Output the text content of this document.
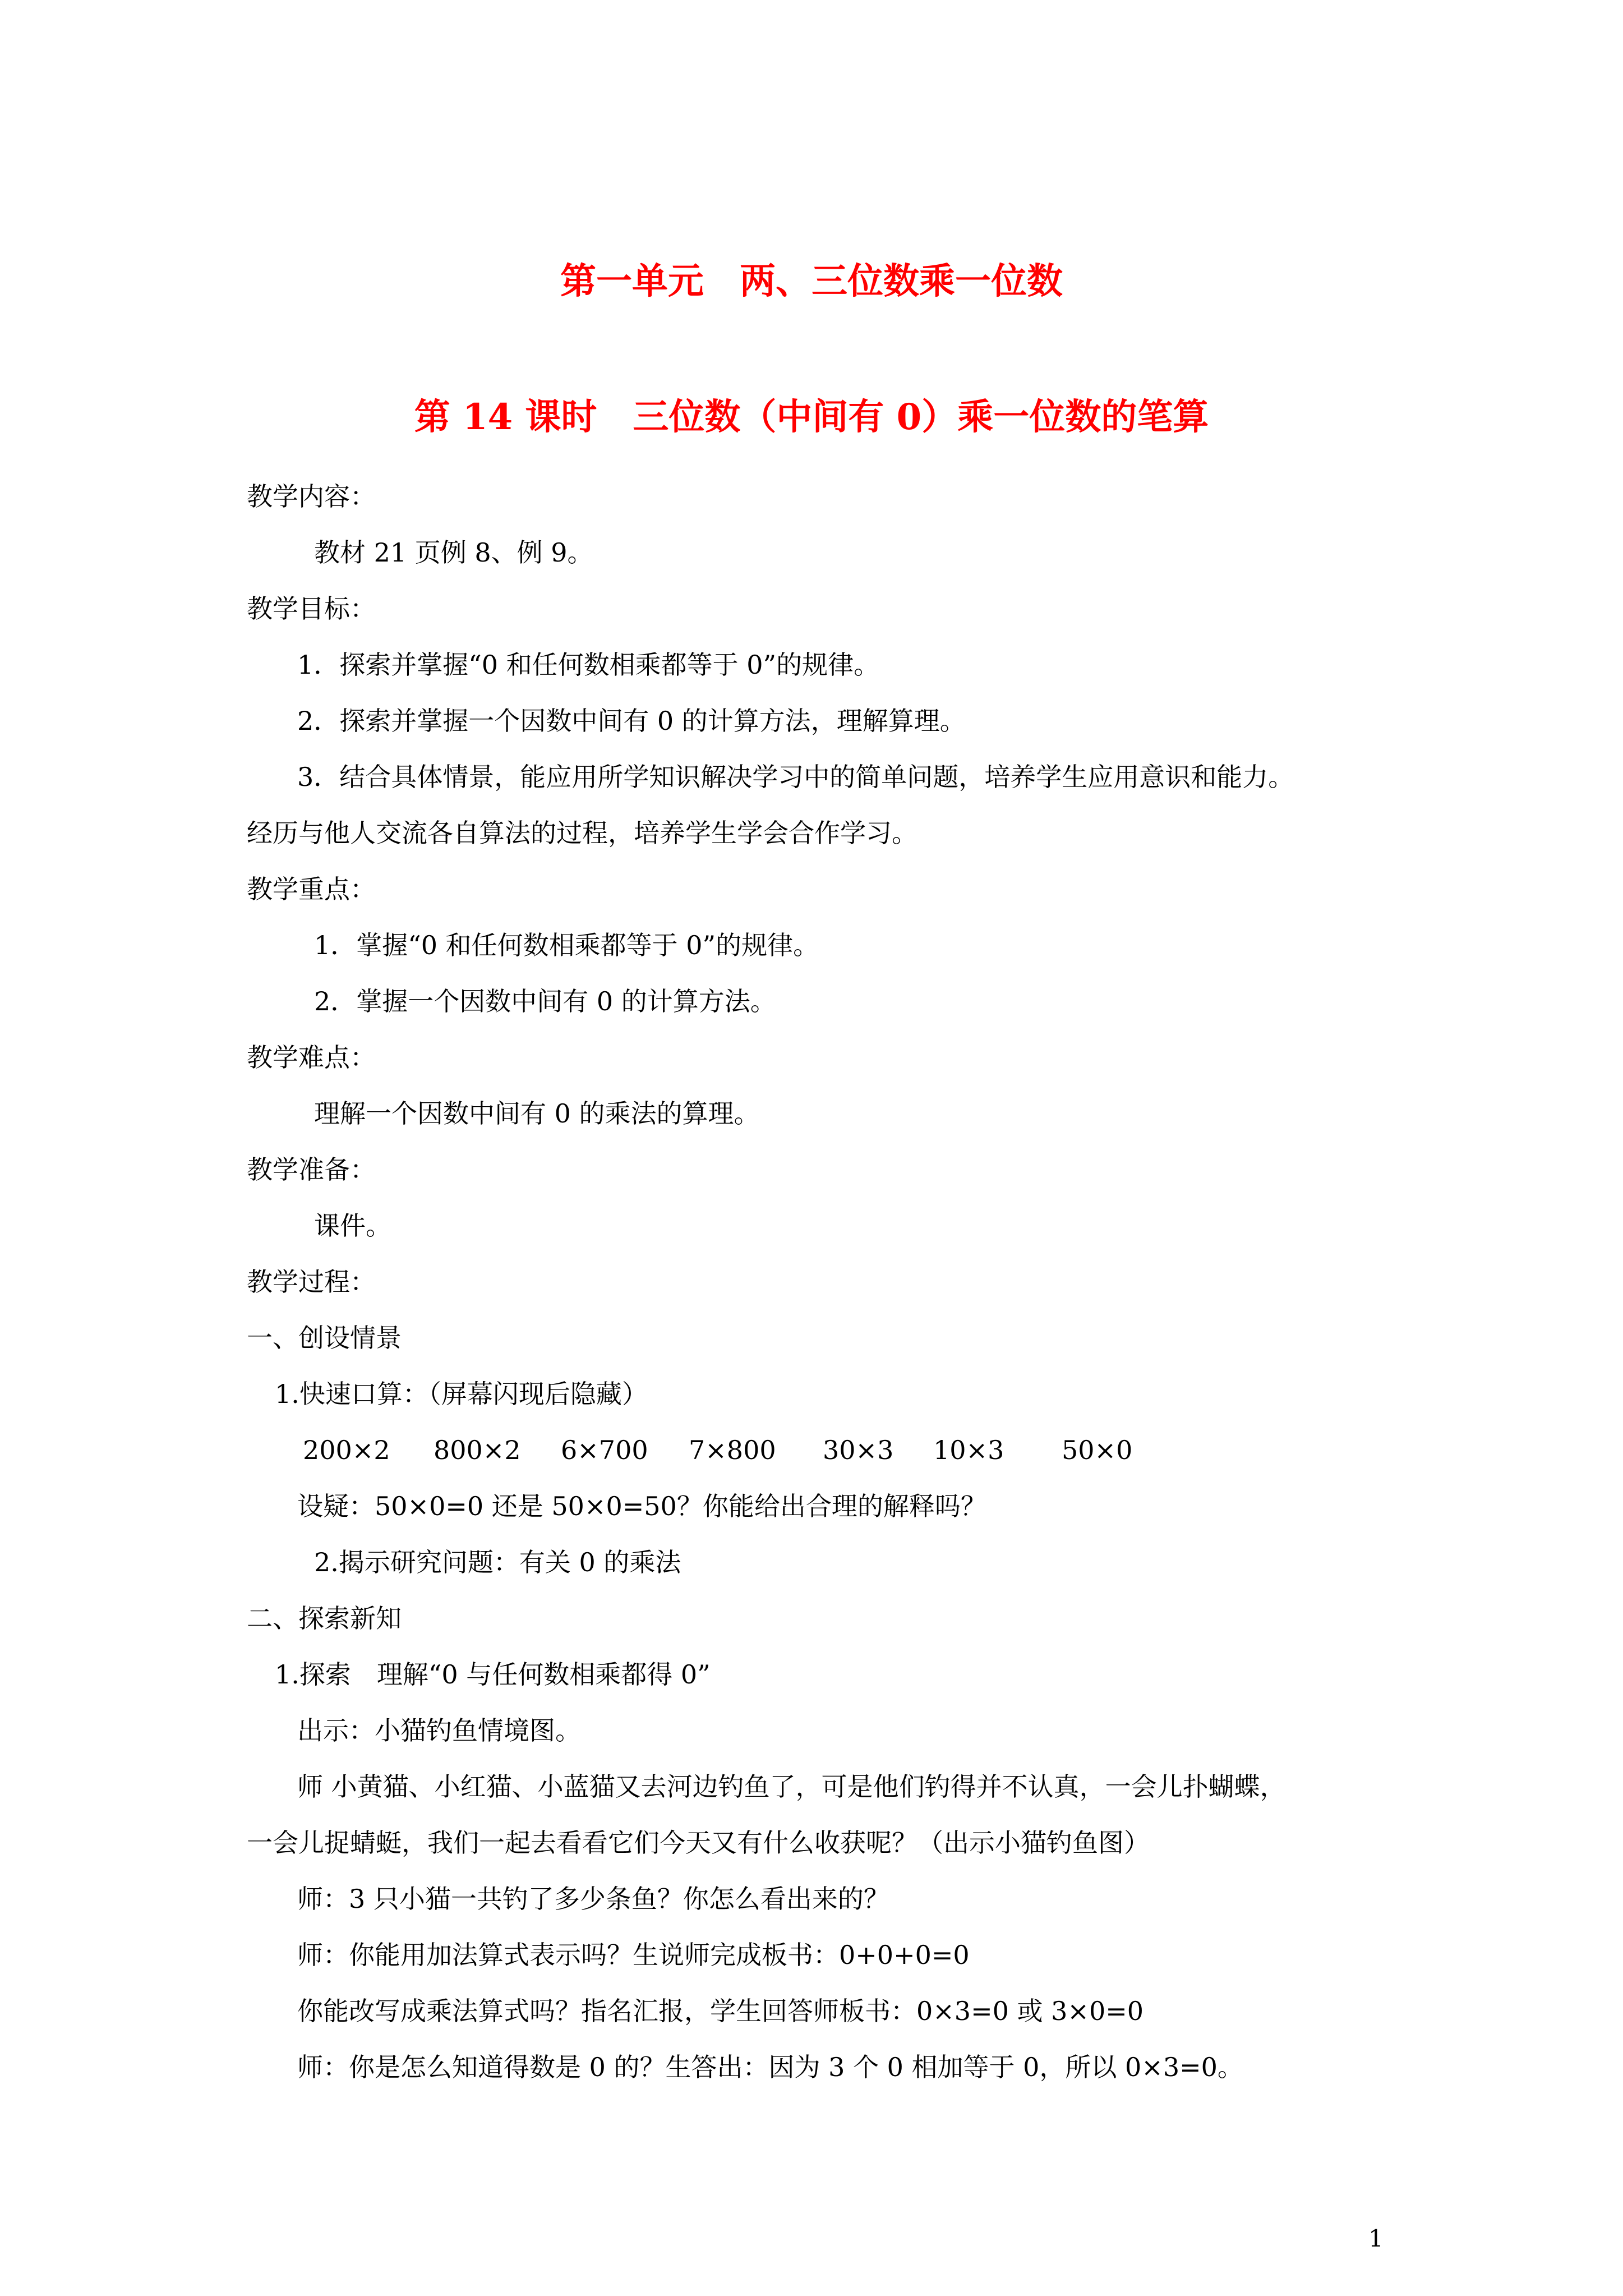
第一单元　两、三位数乘一位数
第 14 课时　三位数（中间有 0）乘一位数的笔算
教学内容：
教材 21 页例 8、例 9。
教学目标：
1．探索并掌握“0 和任何数相乘都等于 0”的规律。
2．探索并掌握一个因数中间有 0 的计算方法，理解算理。
3．结合具体情景，能应用所学知识解决学习中的简单问题，培养学生应用意识和能力。
经历与他人交流各自算法的过程，培养学生学会合作学习。
教学重点：
1．掌握“0 和任何数相乘都等于 0”的规律。
2．掌握一个因数中间有 0 的计算方法。
教学难点：
理解一个因数中间有 0 的乘法的算理。
教学准备：
课件。
教学过程：
一、创设情景
1.快速口算：（屏幕闪现后隐藏）
200×2 800×2 6×700 7×800 30×3 10×3 50×0
设疑：50×0=0 还是 50×0=50？你能给出合理的解释吗？
2.揭示研究问题：有关 0 的乘法
二、探索新知
1.探索　理解“0 与任何数相乘都得 0”
出示：小猫钓鱼情境图。
师 小黄猫、小红猫、小蓝猫又去河边钓鱼了，可是他们钓得并不认真，一会儿扑蝴蝶，
一会儿捉蜻蜓，我们一起去看看它们今天又有什么收获呢？（出示小猫钓鱼图）
师：3 只小猫一共钓了多少条鱼？你怎么看出来的？
师：你能用加法算式表示吗？生说师完成板书：0+0+0=0
你能改写成乘法算式吗？指名汇报，学生回答师板书：0×3=0 或 3×0=0
师：你是怎么知道得数是 0 的？生答出：因为 3 个 0 相加等于 0，所以 0×3=0。
1
